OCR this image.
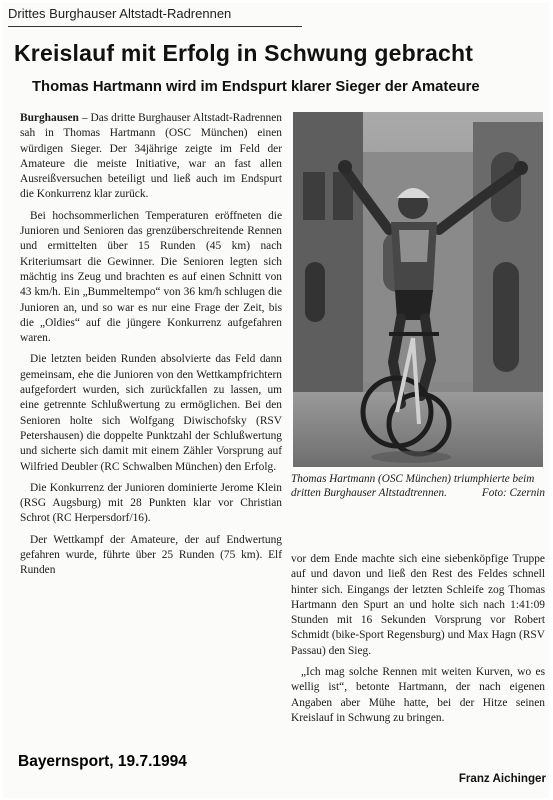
Drittes Burghauser Altstadt-Radrennen
Kreislauf mit Erfolg in Schwung gebracht
Thomas Hartmann wird im Endspurt klarer Sieger der Amateure

Burghausen – Das dritte Burghauser Altstadt-Radrennen sah in Thomas Hartmann (OSC München) einen würdigen Sieger. Der 34jährige zeigte im Feld der Amateure die meiste Initiative, war an fast allen Ausreißversuchen beteiligt und ließ auch im Endspurt die Konkurrenz klar zurück.

Bei hochsommerlichen Temperaturen eröffneten die Junioren und Senioren das grenzüberschreitende Rennen und ermittelten über 15 Runden (45 km) nach Kriteriumsart die Gewinner. Die Senioren legten sich mächtig ins Zeug und brachten es auf einen Schnitt von 43 km/h. Ein „Bummeltempo“ von 36 km/h schlugen die Junioren an, und so war es nur eine Frage der Zeit, bis die „Oldies“ auf die jüngere Konkurrenz aufgefahren waren.

Die letzten beiden Runden absolvierte das Feld dann gemeinsam, ehe die Junioren von den Wettkampfrichtern aufgefordert wurden, sich zurückfallen zu lassen, um eine getrennte Schlußwertung zu ermöglichen. Bei den Senioren holte sich Wolfgang Diwischofsky (RSV Petershausen) die doppelte Punktzahl der Schlußwertung und sicherte sich damit mit einem Zähler Vorsprung auf Wilfried Deubler (RC Schwalben München) den Erfolg.

Die Konkurrenz der Junioren dominierte Jerome Klein (RSG Augsburg) mit 28 Punkten klar vor Christian Schrot (RC Herpersdorf/16).

Der Wettkampf der Amateure, der auf Endwertung gefahren wurde, führte über 25 Runden (75 km). Elf Runden

Thomas Hartmann (OSC München) triumphierte beim dritten Burghauser Altstadtrennen.	Foto: Czernin

vor dem Ende machte sich eine siebenköpfige Truppe auf und davon und ließ den Rest des Feldes schnell hinter sich. Eingangs der letzten Schleife zog Thomas Hartmann den Spurt an und holte sich nach 1:41:09 Stunden mit 16 Sekunden Vorsprung vor Robert Schmidt (bike-Sport Regensburg) und Max Hagn (RSV Passau) den Sieg.

„Ich mag solche Rennen mit weiten Kurven, wo es wellig ist“, betonte Hartmann, der nach eigenen Angaben aber Mühe hatte, bei der Hitze seinen Kreislauf in Schwung zu bringen.

Bayernsport, 19.7.1994
Franz Aichinger
